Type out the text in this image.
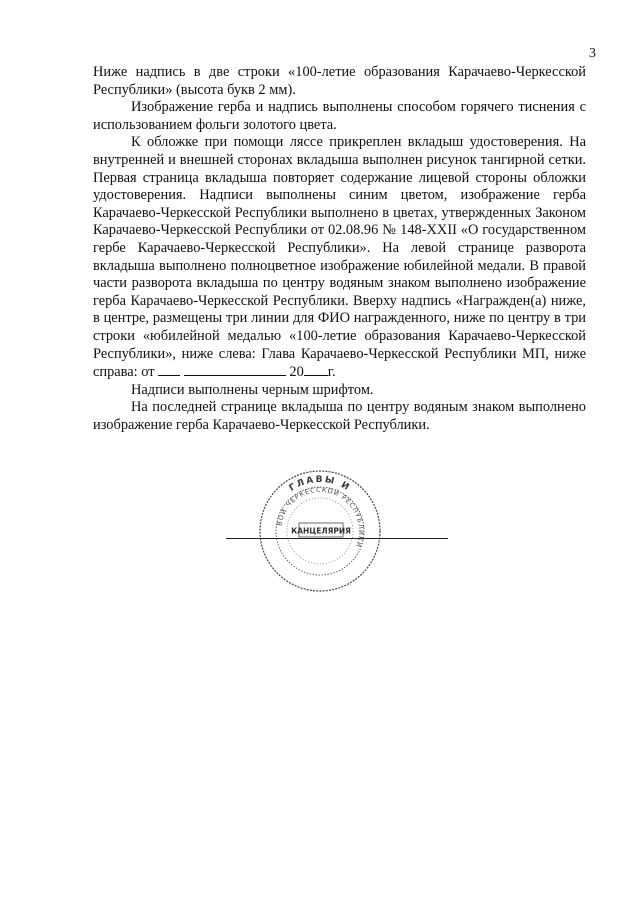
3

Ниже надпись в две строки «100-летие образования Карачаево-Черкесской Республики» (высота букв 2 мм).

Изображение герба и надпись выполнены способом горячего тиснения с использованием фольги золотого цвета.

К обложке при помощи ляссе прикреплен вкладыш удостоверения. На внутренней и внешней сторонах вкладыша выполнен рисунок тангирной сетки. Первая страница вкладыша повторяет содержание лицевой стороны обложки удостоверения. Надписи выполнены синим цветом, изображение герба Карачаево-Черкесской Республики выполнено в цветах, утвержденных Законом Карачаево-Черкесской Республики от 02.08.96 № 148-XXII «О государственном гербе Карачаево-Черкесской Республики». На левой странице разворота вкладыша выполнено полноцветное изображение юбилейной медали. В правой части разворота вкладыша по центру водяным знаком выполнено изображение герба Карачаево-Черкесской Республики. Вверху надпись «Награжден(а) ниже, в центре, размещены три линии для ФИО награжденного, ниже по центру в три строки «юбилейной медалью «100-летие образования Карачаево-Черкесской Республики», ниже слева: Глава Карачаево-Черкесской Республики МП, ниже справа: от	20 г.

Надписи выполнены черным шрифтом.

На последней странице вкладыша по центру водяным знаком выполнено изображение герба Карачаево-Черкесской Республики.

ГЛАВЫ И
ВОЙ ЧЕРКЕССКОЙ РЕСПУБЛИКИ
КАНЦЕЛЯРИЯ
